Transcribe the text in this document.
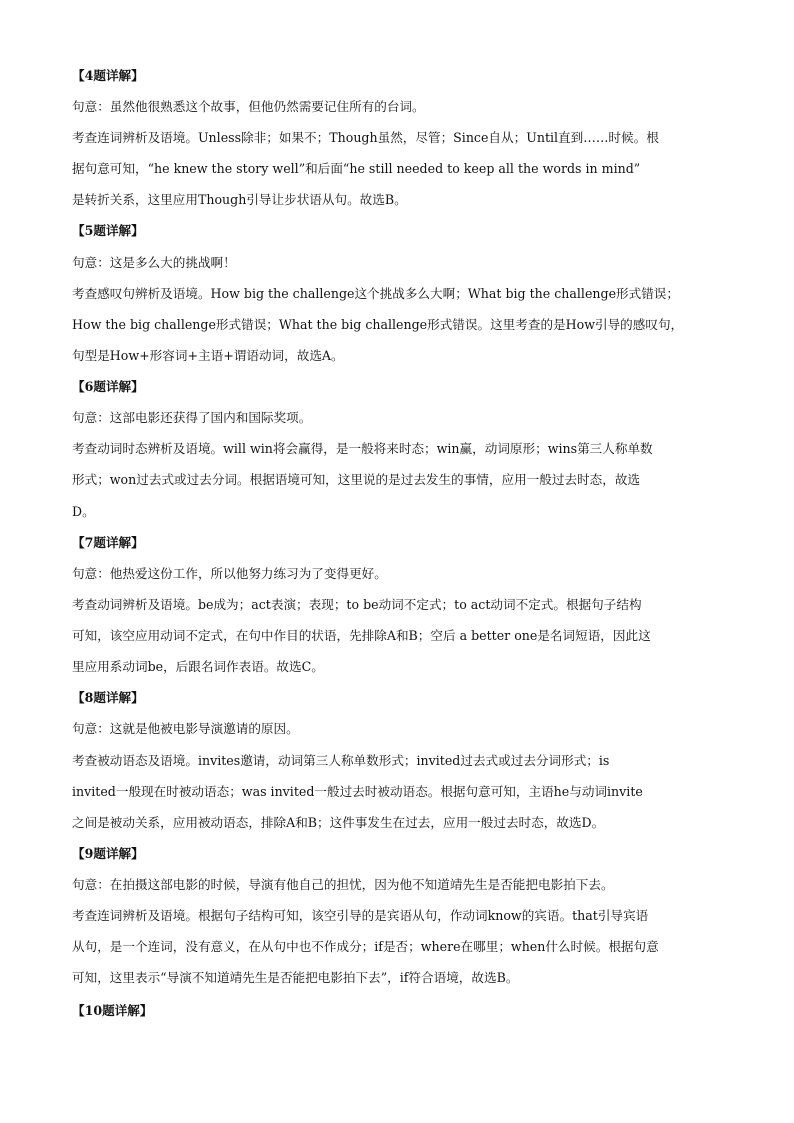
【4题详解】
句意：虽然他很熟悉这个故事，但他仍然需要记住所有的台词。
考查连词辨析及语境。Unless除非；如果不；Though虽然，尽管；Since自从；Until直到……时候。根
据句意可知，“he knew the story well”和后面“he still needed to keep all the words in mind”
是转折关系，这里应用Though引导让步状语从句。故选B。
【5题详解】
句意：这是多么大的挑战啊！
考查感叹句辨析及语境。How big the challenge这个挑战多么大啊；What big the challenge形式错误；
How the big challenge形式错误；What the big challenge形式错误。这里考查的是How引导的感叹句，
句型是How+形容词+主语+谓语动词，故选A。
【6题详解】
句意：这部电影还获得了国内和国际奖项。
考查动词时态辨析及语境。will win将会赢得，是一般将来时态；win赢，动词原形；wins第三人称单数
形式；won过去式或过去分词。根据语境可知，这里说的是过去发生的事情，应用一般过去时态，故选
D。
【7题详解】
句意：他热爱这份工作，所以他努力练习为了变得更好。
考查动词辨析及语境。be成为；act表演；表现；to be动词不定式；to act动词不定式。根据句子结构
可知，该空应用动词不定式，在句中作目的状语，先排除A和B；空后 a better one是名词短语，因此这
里应用系动词be，后跟名词作表语。故选C。
【8题详解】
句意：这就是他被电影导演邀请的原因。
考查被动语态及语境。invites邀请，动词第三人称单数形式；invited过去式或过去分词形式；is
invited一般现在时被动语态；was invited一般过去时被动语态。根据句意可知，主语he与动词invite
之间是被动关系，应用被动语态，排除A和B；这件事发生在过去，应用一般过去时态，故选D。
【9题详解】
句意：在拍摄这部电影的时候，导演有他自己的担忧，因为他不知道靖先生是否能把电影拍下去。
考查连词辨析及语境。根据句子结构可知，该空引导的是宾语从句，作动词know的宾语。that引导宾语
从句，是一个连词，没有意义，在从句中也不作成分；if是否；where在哪里；when什么时候。根据句意
可知，这里表示“导演不知道靖先生是否能把电影拍下去”，if符合语境，故选B。
【10题详解】
